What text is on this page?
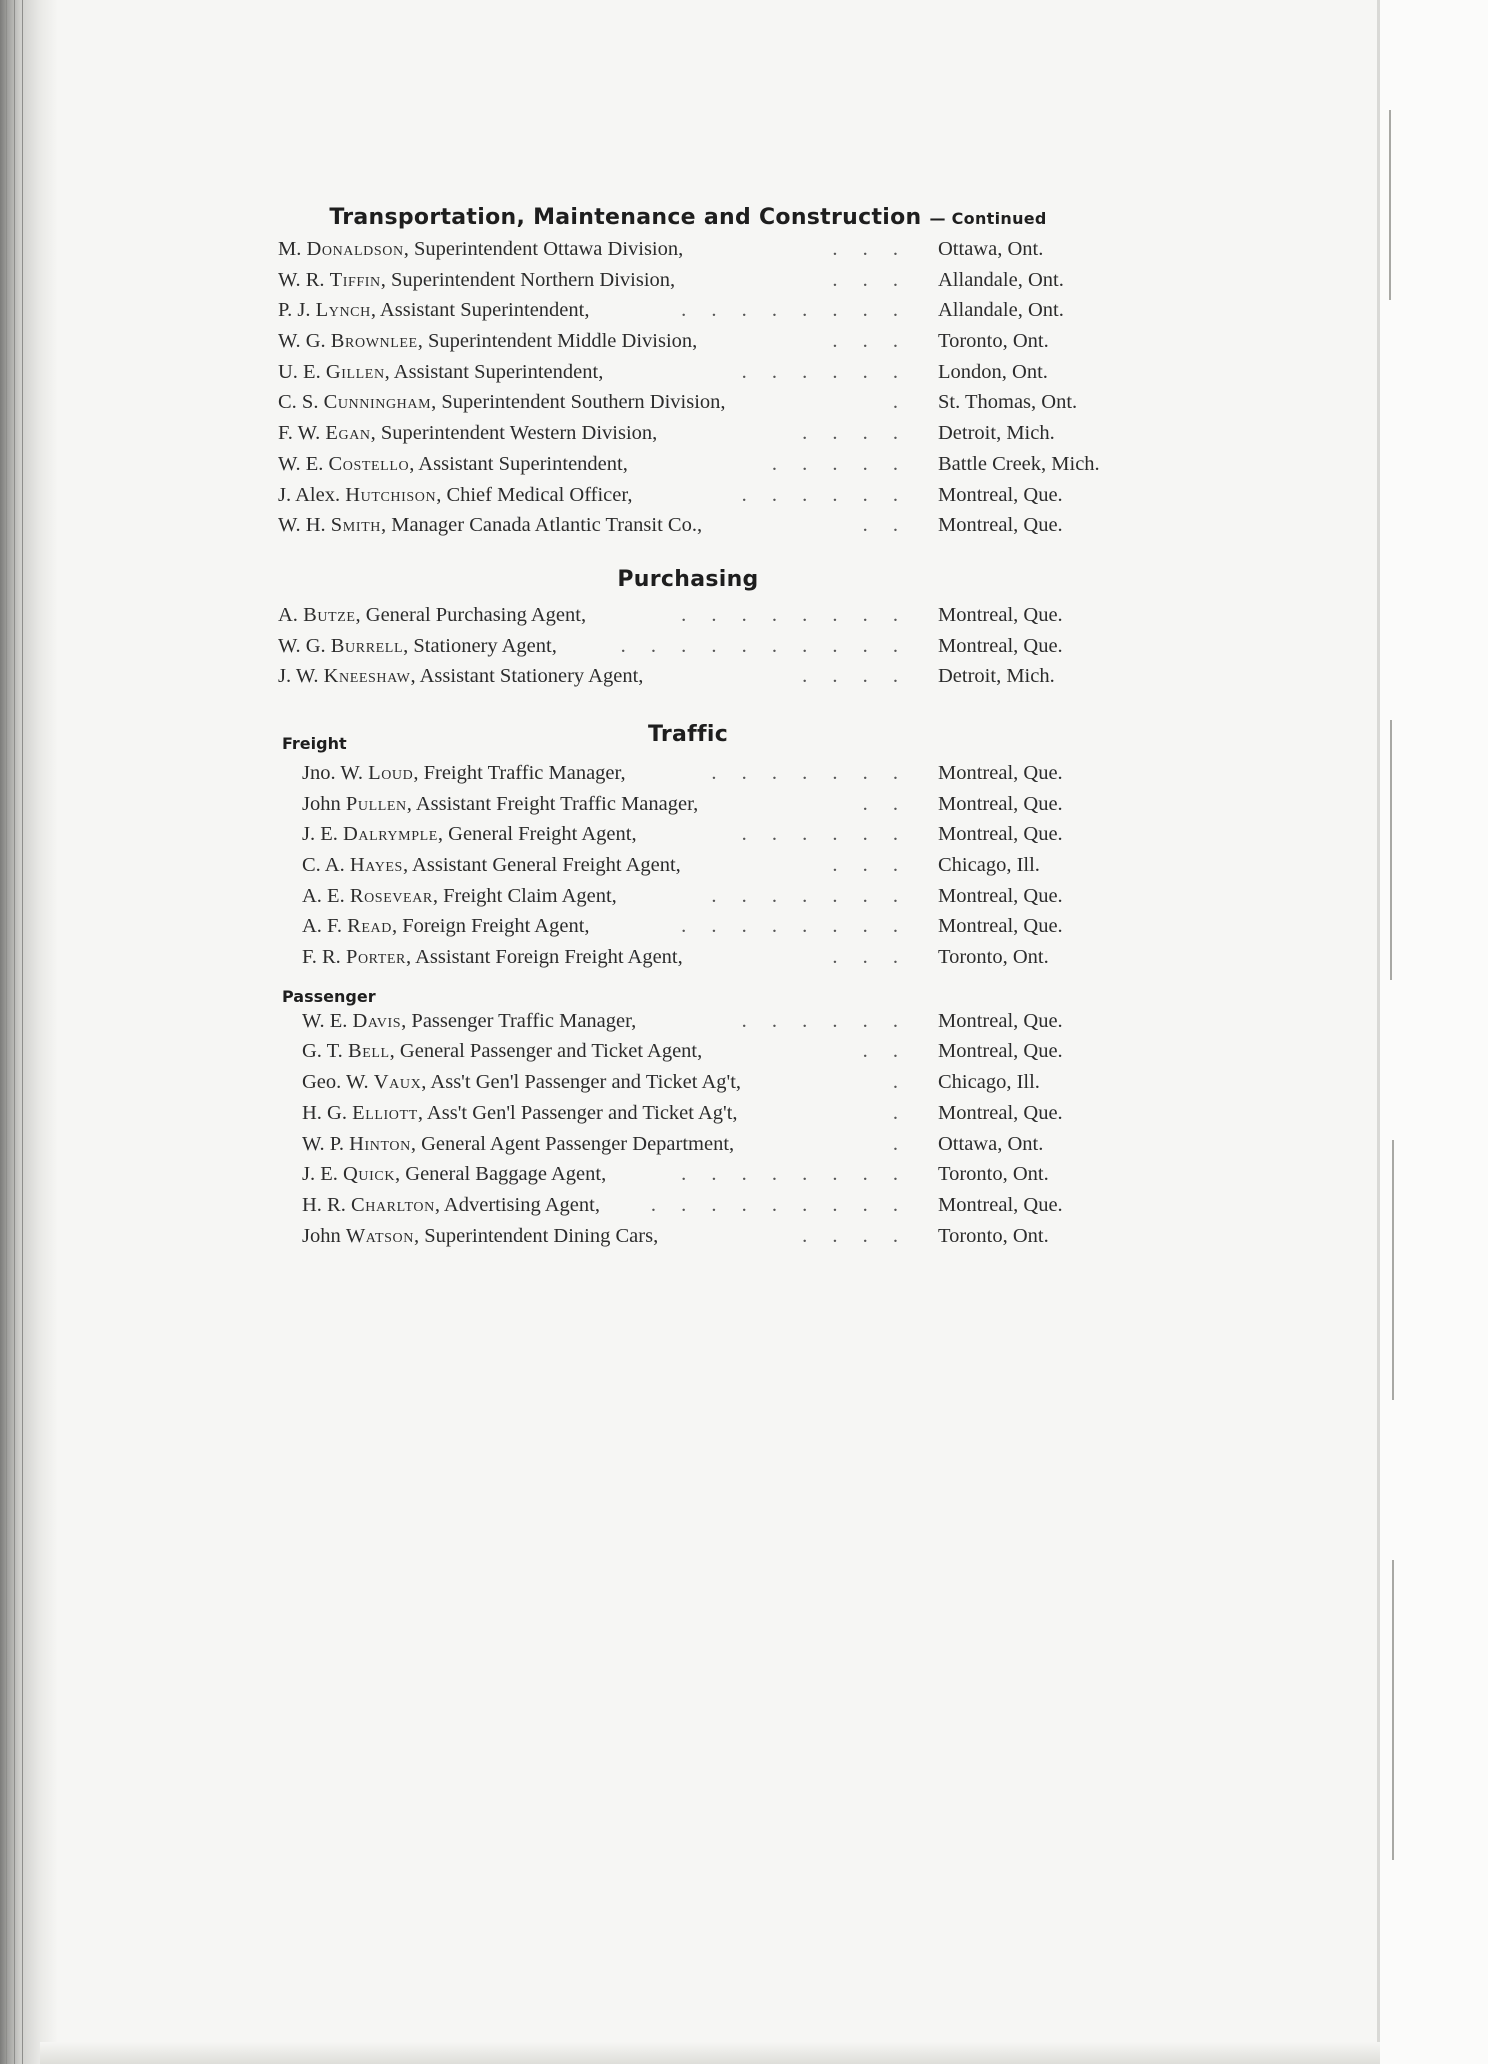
Transportation, Maintenance and Construction — Continued
M. Donaldson, Superintendent Ottawa Division,	. . . Ottawa, Ont.
W. R. Tiffin, Superintendent Northern Division,	. . . Allandale, Ont.
P. J. Lynch, Assistant Superintendent,	. . . . . . . . Allandale, Ont.
W. G. Brownlee, Superintendent Middle Division,	. . . Toronto, Ont.
U. E. Gillen, Assistant Superintendent,	. . . . . . London, Ont.
C. S. Cunningham, Superintendent Southern Division,	. St. Thomas, Ont.
F. W. Egan, Superintendent Western Division,	. . . . Detroit, Mich.
W. E. Costello, Assistant Superintendent,	. . . . . Battle Creek, Mich.
J. Alex. Hutchison, Chief Medical Officer,	. . . . . . Montreal, Que.
W. H. Smith, Manager Canada Atlantic Transit Co.,	. . Montreal, Que.
Purchasing
A. Butze, General Purchasing Agent,	. . . . . . . . Montreal, Que.
W. G. Burrell, Stationery Agent,	. . . . . . . . . . Montreal, Que.
J. W. Kneeshaw, Assistant Stationery Agent,	. . . . Detroit, Mich.
Traffic
Freight
Jno. W. Loud, Freight Traffic Manager,	. . . . . . . Montreal, Que.
John Pullen, Assistant Freight Traffic Manager,	. . Montreal, Que.
J. E. Dalrymple, General Freight Agent,	. . . . . . Montreal, Que.
C. A. Hayes, Assistant General Freight Agent,	. . . Chicago, Ill.
A. E. Rosevear, Freight Claim Agent,	. . . . . . . Montreal, Que.
A. F. Read, Foreign Freight Agent,	. . . . . . . . Montreal, Que.
F. R. Porter, Assistant Foreign Freight Agent,	. . . Toronto, Ont.
Passenger
W. E. Davis, Passenger Traffic Manager,	. . . . . . Montreal, Que.
G. T. Bell, General Passenger and Ticket Agent,	. . Montreal, Que.
Geo. W. Vaux, Ass't Gen'l Passenger and Ticket Ag't,	. Chicago, Ill.
H. G. Elliott, Ass't Gen'l Passenger and Ticket Ag't,	. Montreal, Que.
W. P. Hinton, General Agent Passenger Department,	. Ottawa, Ont.
J. E. Quick, General Baggage Agent,	. . . . . . . . Toronto, Ont.
H. R. Charlton, Advertising Agent, . . . . . . . . . Montreal, Que.
John Watson, Superintendent Dining Cars,	. . . . Toronto, Ont.
